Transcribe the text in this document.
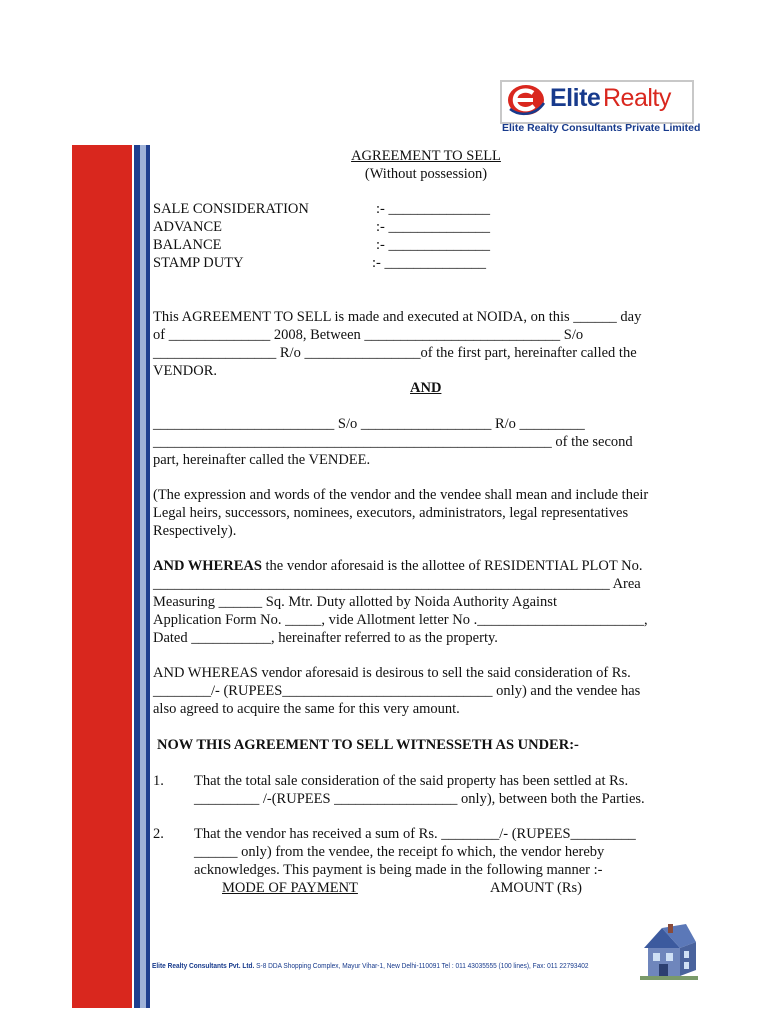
Elite Realty
Elite Realty Consultants Private Limited
AGREEMENT TO SELL
(Without possession)
SALE CONSIDERATION	:- ______________
ADVANCE	:- ______________
BALANCE	:- ______________
STAMP DUTY	:- ______________
This AGREEMENT TO SELL is made and executed at NOIDA, on this ______ day
of ______________ 2008, Between ___________________________ S/o
_________________ R/o ________________of the first part, hereinafter called the
VENDOR.
AND
_________________________ S/o __________________ R/o _________
_______________________________________________________ of the second
part, hereinafter called the VENDEE.
(The expression and words of the vendor and the vendee shall mean and include their
Legal heirs, successors, nominees, executors, administrators, legal representatives
Respectively).
AND WHEREAS the vendor aforesaid is the allottee of RESIDENTIAL PLOT No.
_______________________________________________________________ Area
Measuring ______ Sq. Mtr. Duty allotted by Noida Authority Against
Application Form No. _____, vide Allotment letter No ._______________________,
Dated ___________, hereinafter referred to as the property.
AND WHEREAS vendor aforesaid is desirous to sell the said consideration of Rs.
________/- (RUPEES_____________________________ only) and the vendee has
also agreed to acquire the same for this very amount.
NOW THIS AGREEMENT TO SELL WITNESSETH AS UNDER:-
1. That the total sale consideration of the said property has been settled at Rs.
_________ /-(RUPEES _________________ only), between both the Parties.
2. That the vendor has received a sum of Rs. ________/- (RUPEES_________
______ only) from the vendee, the receipt fo which, the vendor hereby
acknowledges. This payment is being made in the following manner :-
MODE OF PAYMENT	AMOUNT (Rs)
Elite Realty Consultants Pvt. Ltd. S-8 DDA Shopping Complex, Mayur Vihar-1, New Delhi-110091 Tel : 011 43035555 (100 lines), Fax: 011 22793402
